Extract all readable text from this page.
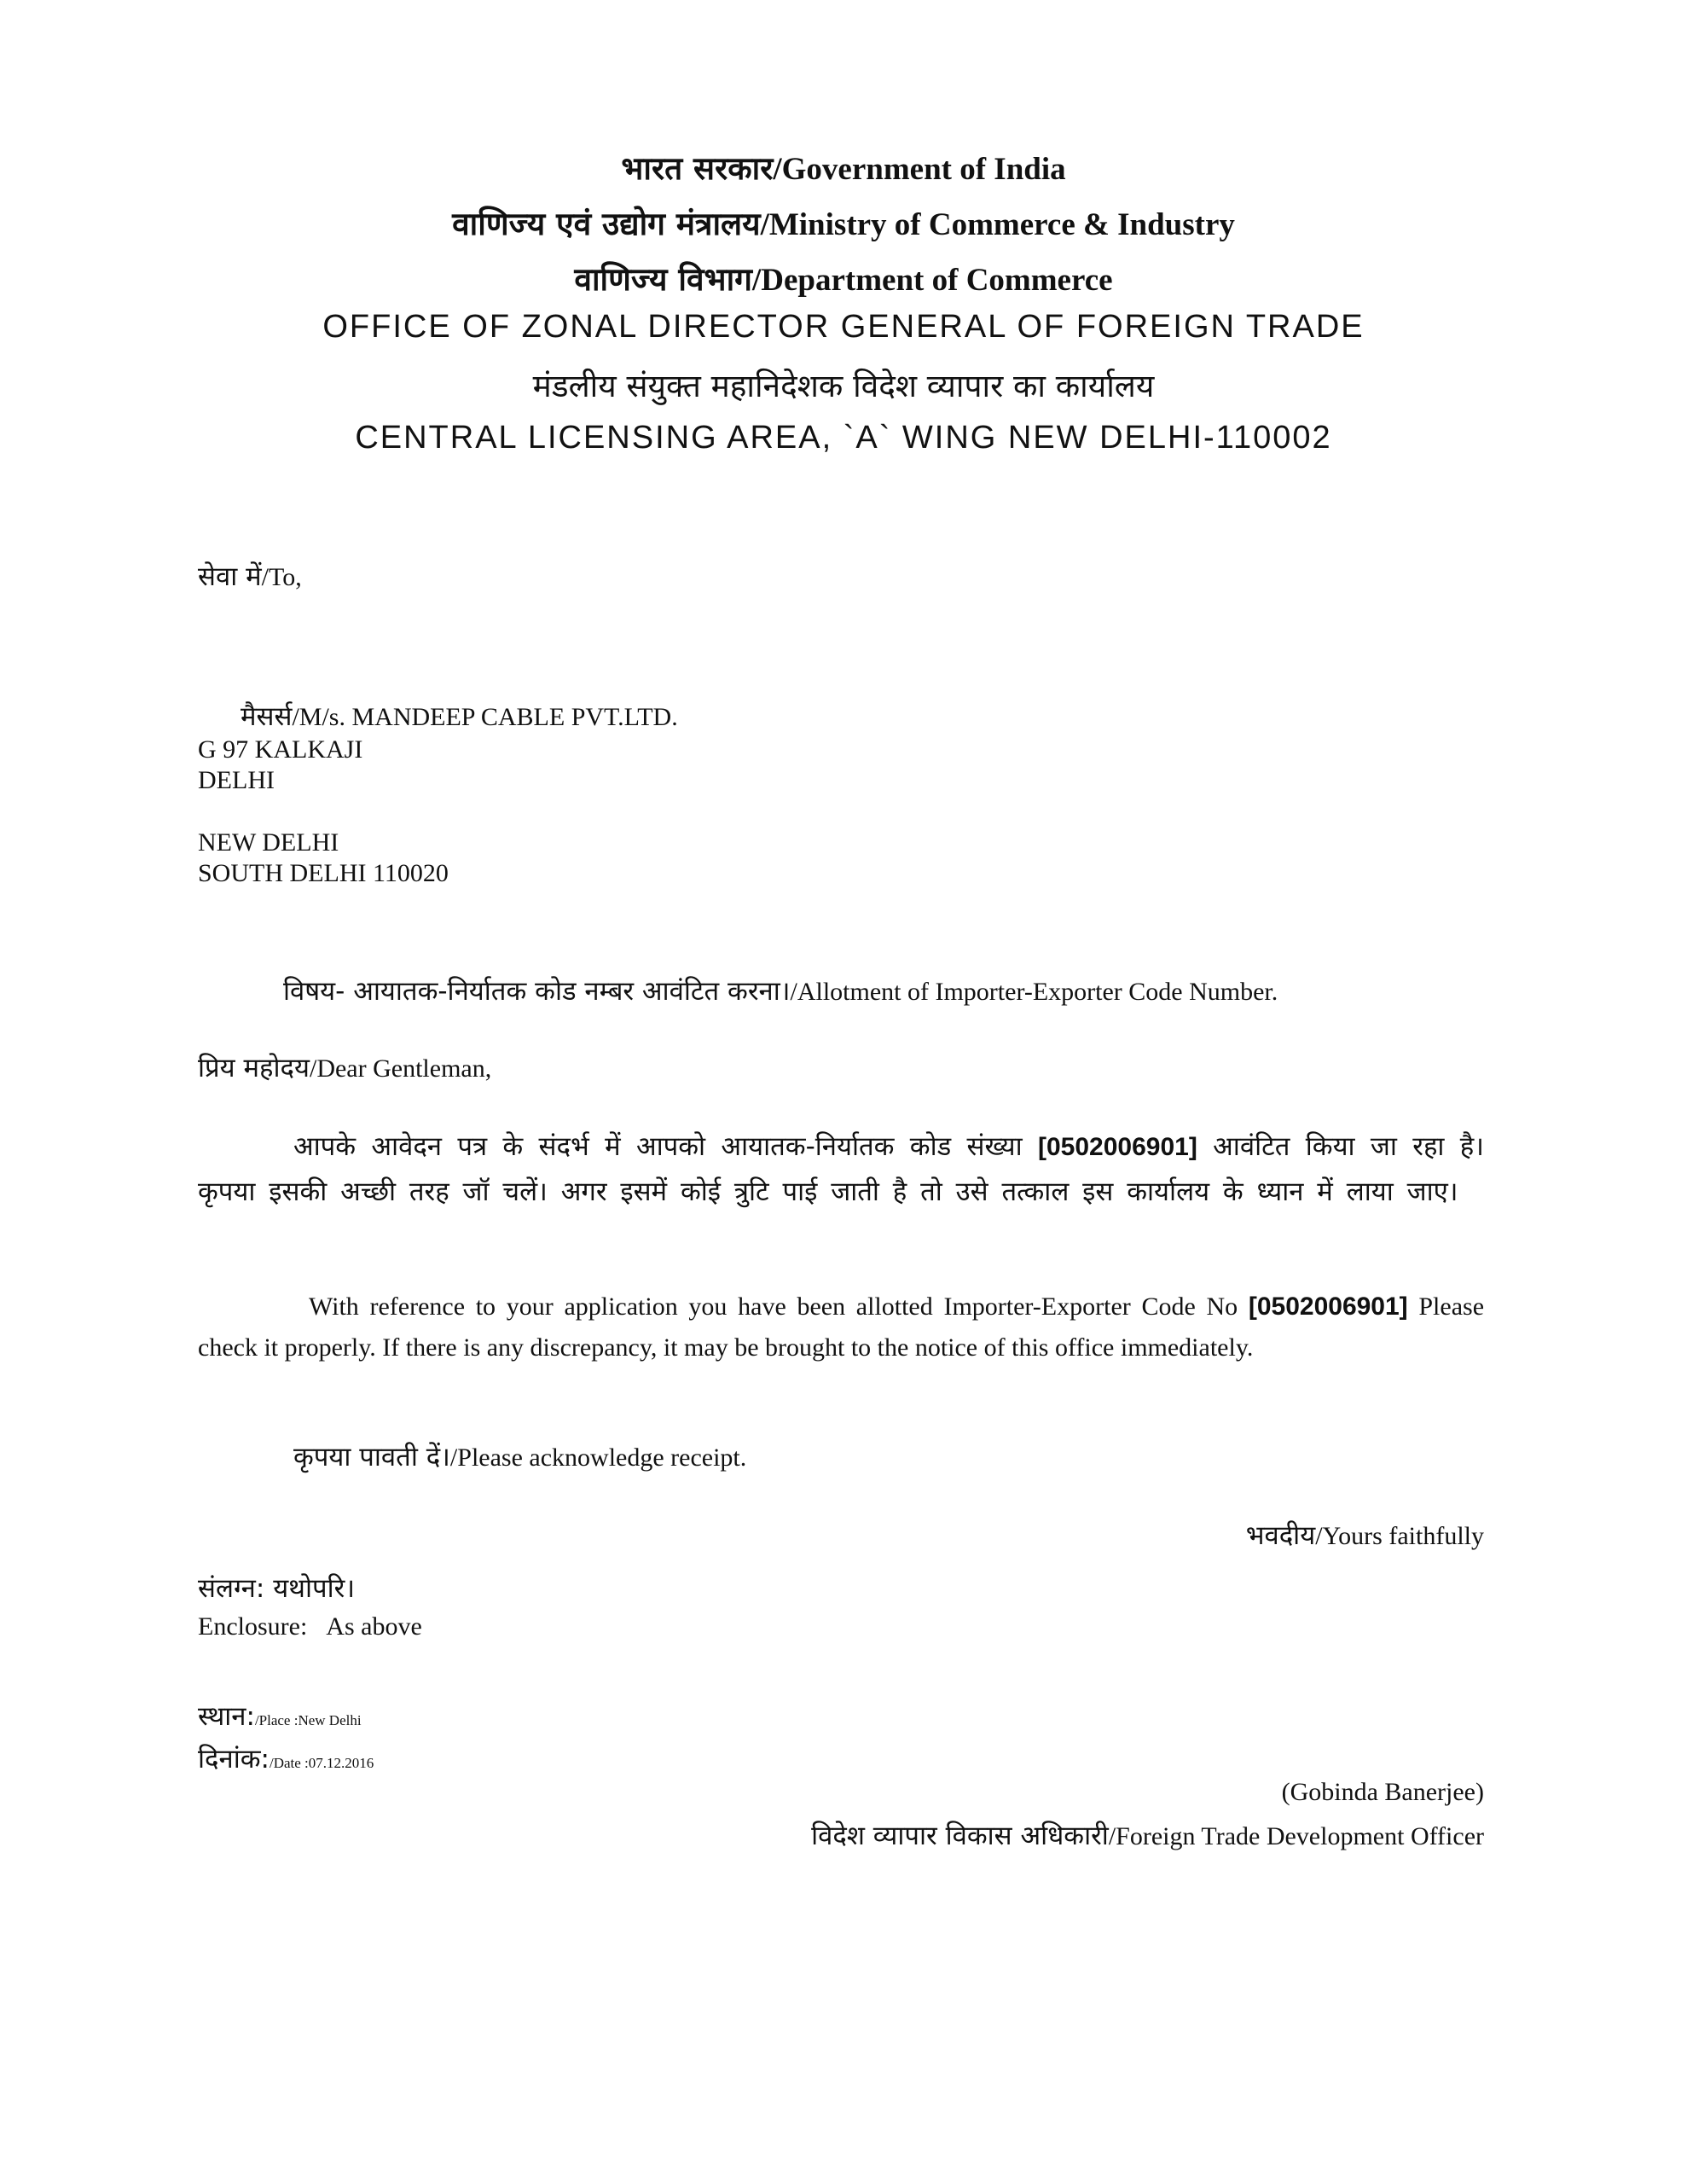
भारत सरकार/Government of India
वाणिज्य एवं उद्योग मंत्रालय/Ministry of Commerce & Industry
वाणिज्य विभाग/Department of Commerce
OFFICE OF ZONAL DIRECTOR GENERAL OF FOREIGN TRADE
मंडलीय संयुक्त महानिदेशक विदेश व्यापार का कार्यालय
CENTRAL LICENSING AREA, `A` WING NEW DELHI-110002
सेवा में/To,
मैसर्स/M/s. MANDEEP CABLE PVT.LTD.
G 97 KALKAJI
DELHI
NEW DELHI
SOUTH DELHI 110020
विषय- आयातक-निर्यातक कोड नम्बर आवंटित करना।/Allotment of Importer-Exporter Code Number.
प्रिय महोदय/Dear Gentleman,
आपके आवेदन पत्र के संदर्भ में आपको आयातक-निर्यातक कोड संख्या [0502006901] आवंटित किया जा रहा है। कृपया इसकी अच्छी तरह जॉ चलें। अगर इसमें कोई त्रुटि पाई जाती है तो उसे तत्काल इस कार्यालय के ध्यान में लाया जाए।
With reference to your application you have been allotted Importer-Exporter Code No [0502006901] Please check it properly. If there is any discrepancy, it may be brought to the notice of this office immediately.
कृपया पावती दें।/Please acknowledge receipt.
भवदीय/Yours faithfully
संलग्न: यथोपरि।
Enclosure: As above
स्थान:/Place :New Delhi
दिनांक:/Date :07.12.2016
(Gobinda Banerjee)
विदेश व्यापार विकास अधिकारी/Foreign Trade Development Officer
